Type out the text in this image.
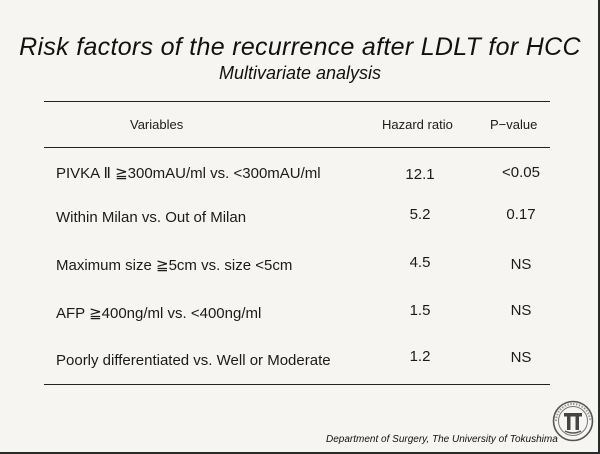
Risk factors of the recurrence after LDLT for HCC
Multivariate analysis
Variables	Hazard ratio	P−value
PIVKA Ⅱ ≧300mAU/ml vs. <300mAU/ml	12.1	<0.05
Within Milan vs. Out of Milan	5.2	0.17
Maximum size ≧5cm vs. size <5cm	4.5	NS
AFP ≧400ng/ml vs. <400ng/ml	1.5	NS
Poorly differentiated vs. Well or Moderate	1.2	NS
Department of Surgery, The University of Tokushima
